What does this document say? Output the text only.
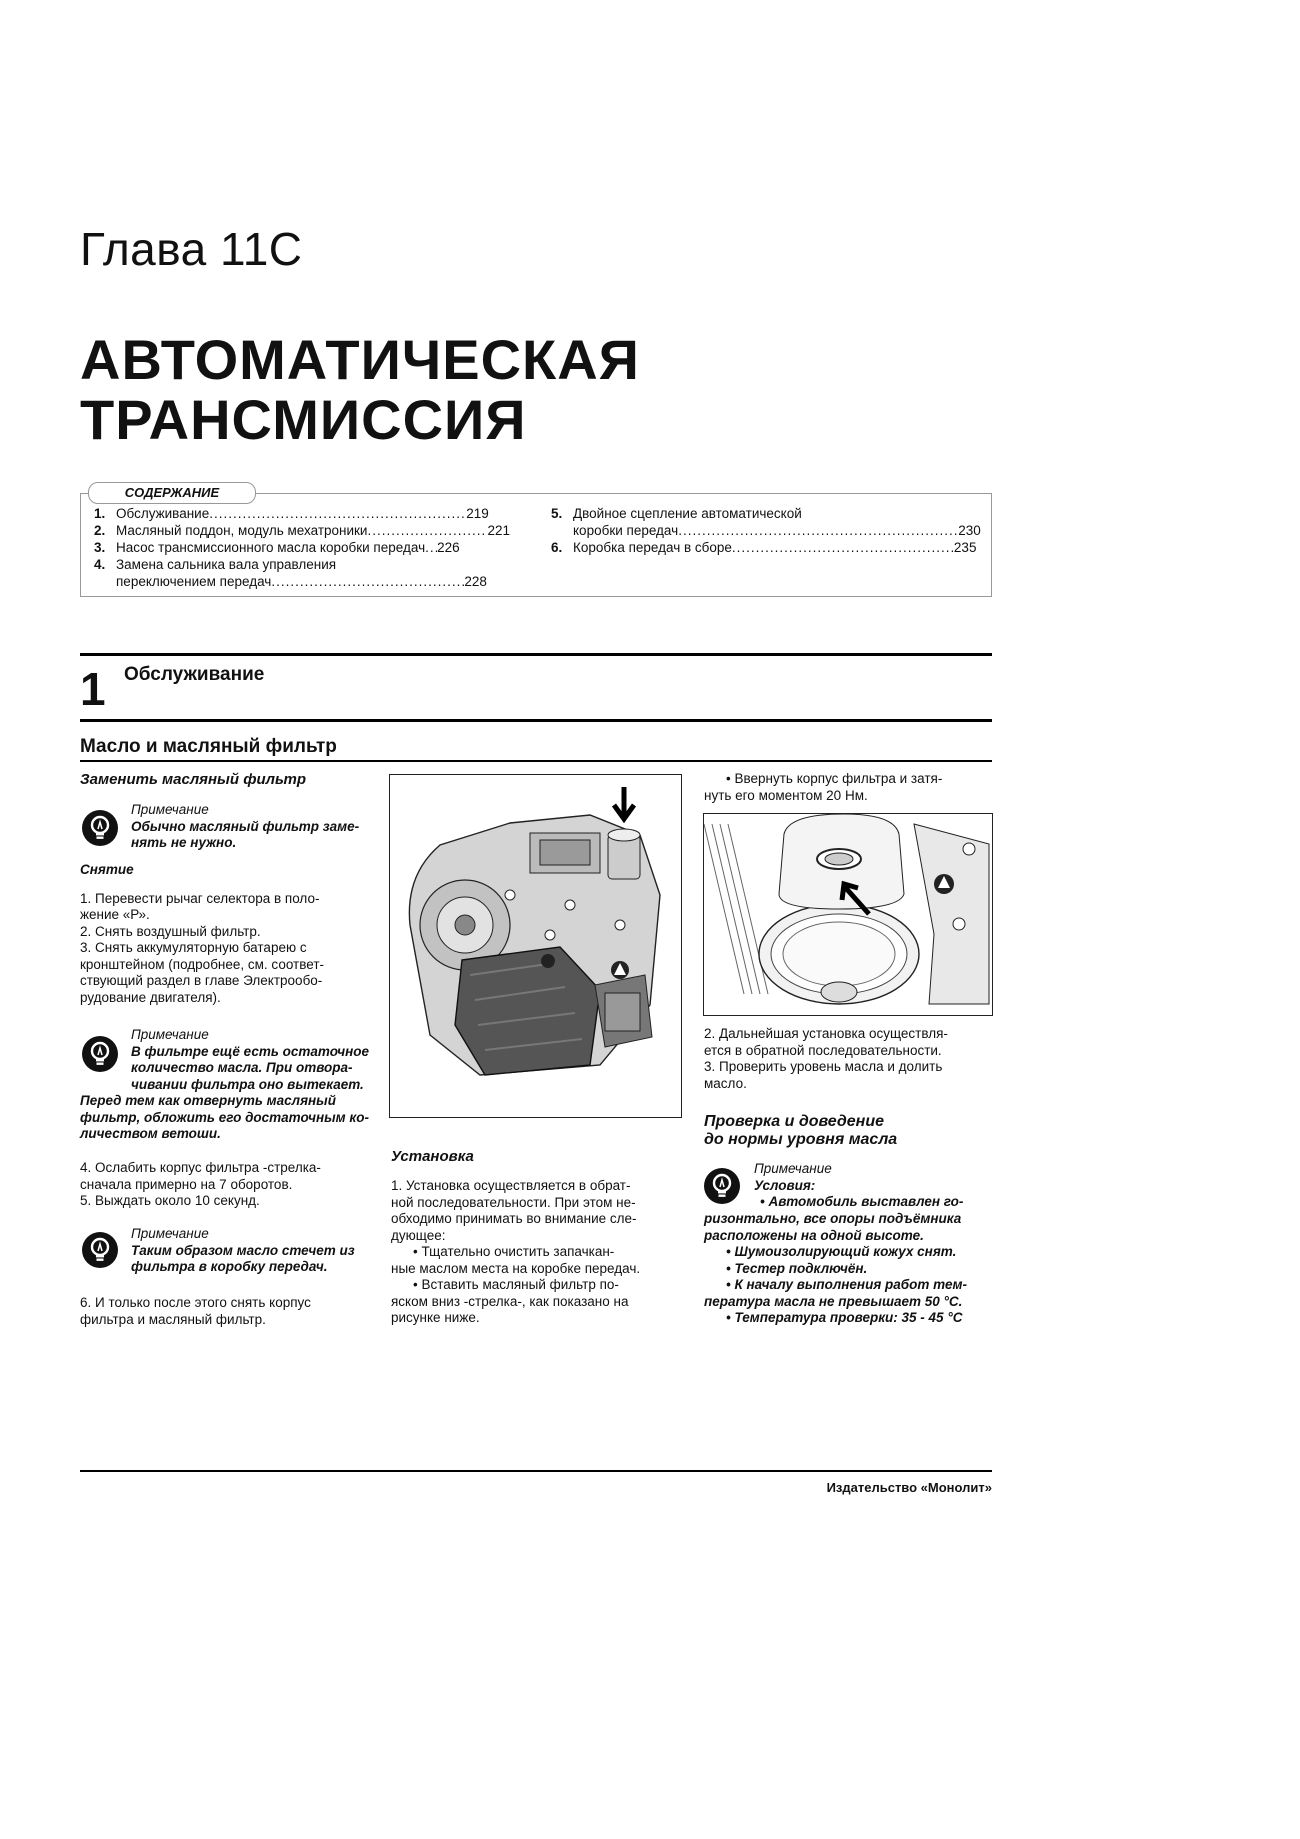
Глава 11С
АВТОМАТИЧЕСКАЯ
ТРАНСМИССИЯ
СОДЕРЖАНИЕ
1. Обслуживание .....	219
2. Масляный поддон, модуль мехатроники .....	221
3. Насос трансмиссионного масла коробки передач ..... 226
4. Замена сальника вала управления
переключением передач .....	228
5. Двойное сцепление автоматической
коробки передач .....	230
6. Коробка передач в сборе .....	235
1 Обслуживание
Масло и масляный фильтр
Заменить масляный фильтр
Примечание
Обычно масляный фильтр заме-
нять не нужно.
Снятие
1. Перевести рычаг селектора в поло-
жение «Р».
2. Снять воздушный фильтр.
3. Снять аккумуляторную батарею с
кронштейном (подробнее, см. соответ-
ствующий раздел в главе Электрообо-
рудование двигателя).
Примечание
В фильтре ещё есть остаточное
количество масла. При отвора-
чивании фильтра оно вытекает.
Перед тем как отвернуть масляный
фильтр, обложить его достаточным ко-
личеством ветоши.
4. Ослабить корпус фильтра -стрелка-
сначала примерно на 7 оборотов.
5. Выждать около 10 секунд.
Примечание
Таким образом масло стечет из
фильтра в коробку передач.
6. И только после этого снять корпус
фильтра и масляный фильтр.
Установка
1. Установка осуществляется в обрат-
ной последовательности. При этом не-
обходимо принимать во внимание сле-
дующее:
• Тщательно очистить запачкан-
ные маслом места на коробке передач.
• Вставить масляный фильтр по-
яском вниз -стрелка-, как показано на
рисунке ниже.
• Ввернуть корпус фильтра и затя-
нуть его моментом 20 Нм.
2. Дальнейшая установка осуществля-
ется в обратной последовательности.
3. Проверить уровень масла и долить
масло.
Проверка и доведение
до нормы уровня масла
Примечание
Условия:
• Автомобиль выставлен го-
ризонтально, все опоры подъёмника
расположены на одной высоте.
• Шумоизолирующий кожух снят.
• Тестер подключён.
• К началу выполнения работ тем-
пература масла не превышает 50 °С.
• Температура проверки: 35 - 45 °С
Издательство «Монолит»
